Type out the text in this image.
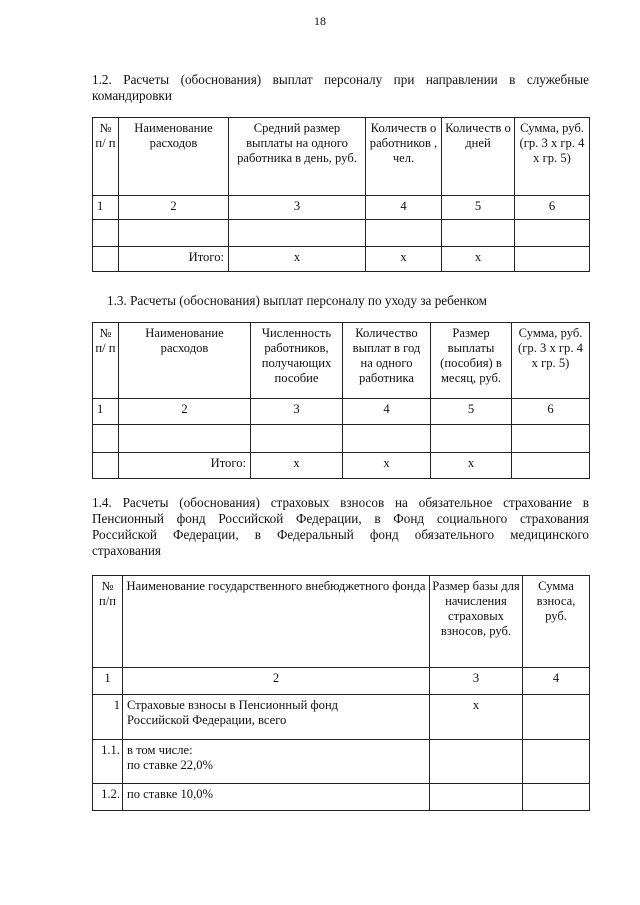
18
1.2. Расчеты (обоснования) выплат персоналу при направлении в служебные
командировки
№ п/ п	Наименование расходов	Средний размер выплаты на одного работника в день, руб.	Количеств о работников , чел.	Количеств о дней	Сумма, руб. (гр. 3 х гр. 4 х гр. 5)
1	2	3	4	5	6

	Итого:	x	x	x	
1.3. Расчеты (обоснования) выплат персоналу по уходу за ребенком
№ п/ п	Наименование расходов	Численность работников, получающих пособие	Количество выплат в год на одного работника	Размер выплаты (пособия) в месяц, руб.	Сумма, руб. (гр. 3 х гр. 4 х гр. 5)
1	2	3	4	5	6

	Итого:	x	x	x	
1.4. Расчеты (обоснования) страховых взносов на обязательное страхование в
Пенсионный фонд Российской Федерации, в Фонд социального страхования
Российской Федерации, в Федеральный фонд обязательного медицинского
страхования
№ п/п	Наименование государственного внебюджетного фонда	Размер базы для начисления страховых взносов, руб.	Сумма взноса, руб.
1	2	3	4
1	Страховые взносы в Пенсионный фонд
Российской Федерации, всего	x	
1.1.	в том числе:
по ставке 22,0%		

1.2.	по ставке 10,0%		
